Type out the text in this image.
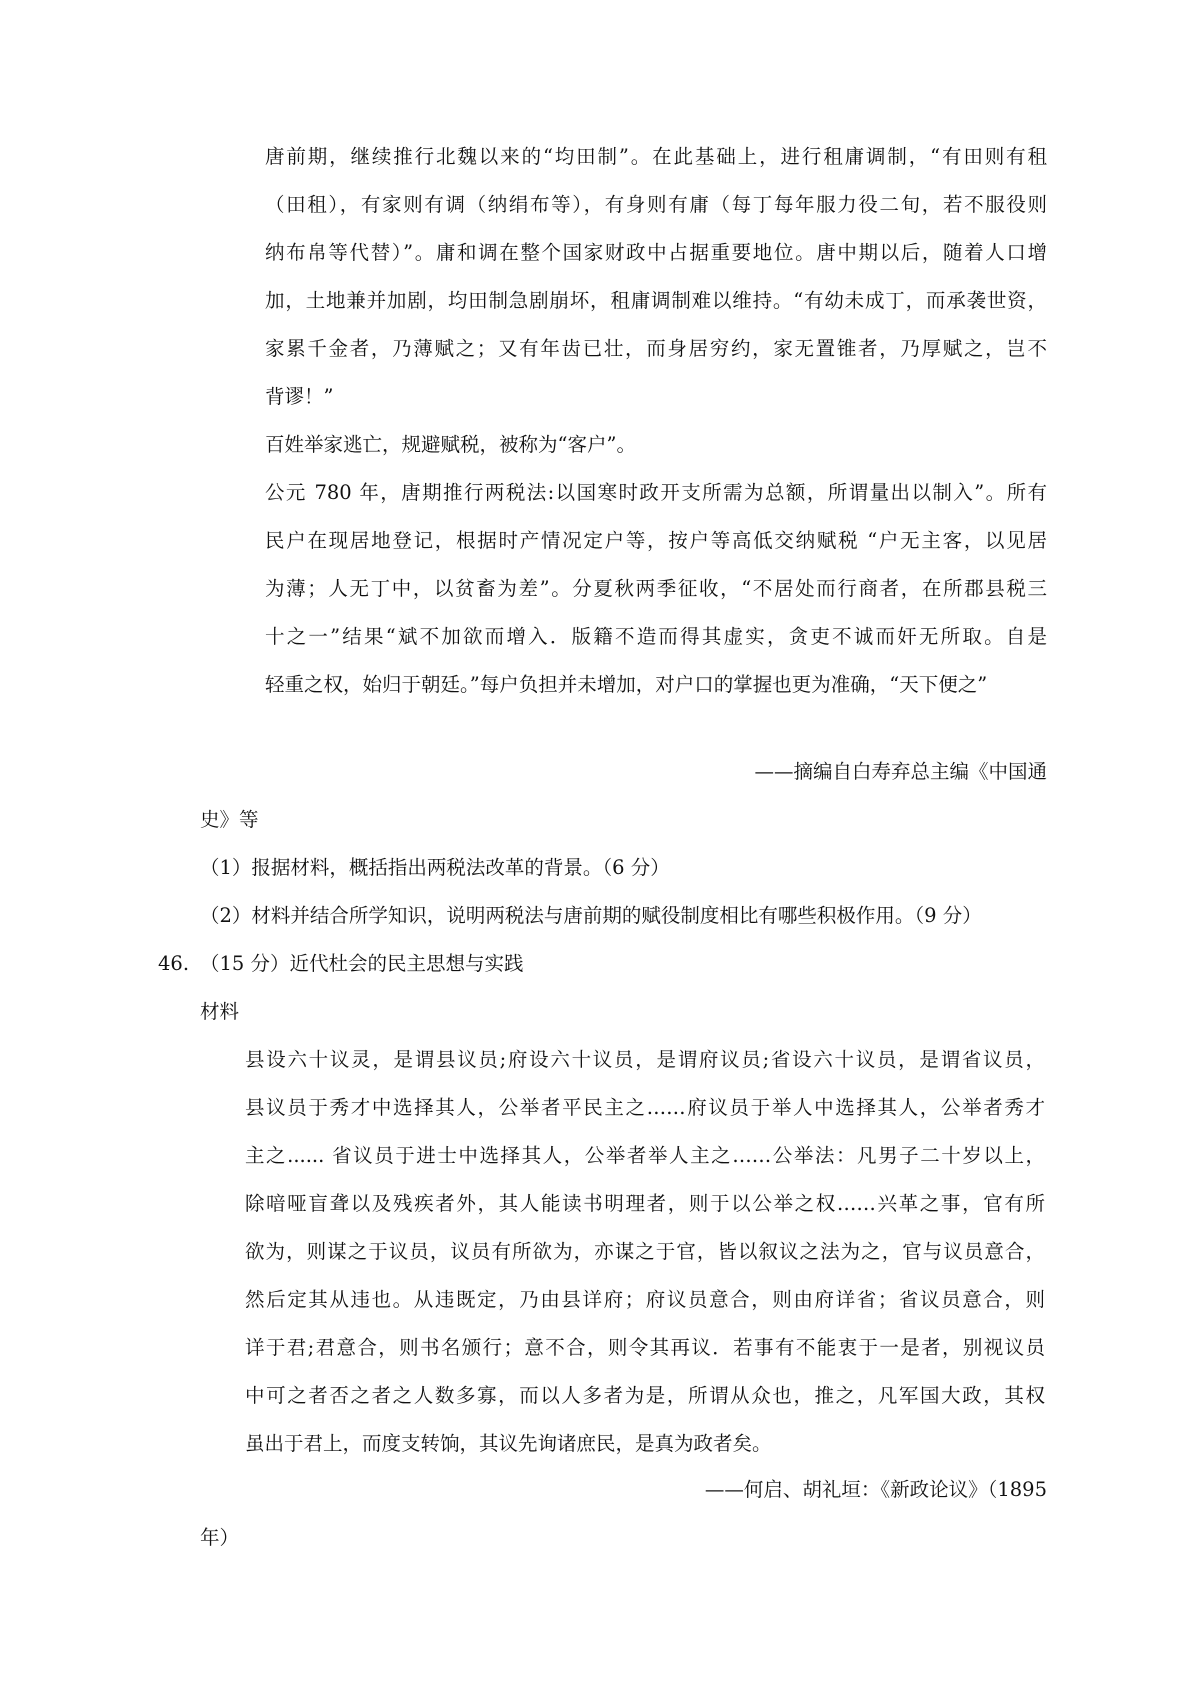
唐前期，继续推行北魏以来的“均田制”。在此基础上，进行租庸调制，“有田则有租
（田租），有家则有调（纳绢布等），有身则有庸（每丁每年服力役二旬，若不服役则
纳布帛等代替）”。庸和调在整个国家财政中占据重要地位。唐中期以后，随着人口增
加，土地兼并加剧，均田制急剧崩坏，租庸调制难以维持。“有幼未成丁，而承袭世资，
家累千金者，乃薄赋之；又有年齿已壮，而身居穷约，家无置锥者，乃厚赋之，岂不
背谬！”
百姓举家逃亡，规避赋税，被称为“客户”。
公元 780 年，唐期推行两税法:以国寒时政开支所需为总额，所谓量出以制入”。所有
民户在现居地登记，根据时产情况定户等，按户等高低交纳赋税 “户无主客，以见居
为薄；人无丁中，以贫畜为差”。分夏秋两季征收，“不居处而行商者，在所郡县税三
十之一”结果“斌不加欲而增入．版籍不造而得其虚实，贪吏不诚而奸无所取。自是
轻重之权，始归于朝廷。”每户负担并未增加，对户口的掌握也更为准确，“天下便之”
——摘编自白寿弃总主编《中国通
史》等
（1）报据材料，概括指出两税法改革的背景。（6 分）
（2）材料并结合所学知识，说明两税法与唐前期的赋役制度相比有哪些积极作用。（9 分）
46. （15 分）近代杜会的民主思想与实践
材料
县设六十议灵，是谓县议员;府设六十议员，是谓府议员;省设六十议员，是谓省议员，
县议员于秀才中选择其人，公举者平民主之……府议员于举人中选择其人，公举者秀才
主之...... 省议员于进士中选择其人，公举者举人主之……公举法：凡男子二十岁以上，
除喑哑盲聋以及残疾者外，其人能读书明理者，则于以公举之权……兴革之事，官有所
欲为，则谋之于议员，议员有所欲为，亦谋之于官，皆以叙议之法为之，官与议员意合，
然后定其从违也。从违既定，乃由县详府；府议员意合，则由府详省；省议员意合，则
详于君;君意合，则书名颁行；意不合，则令其再议．若事有不能衷于一是者，别视议员
中可之者否之者之人数多寡，而以人多者为是，所谓从众也，推之，凡军国大政，其权
虽出于君上，而度支转饷，其议先询诸庶民，是真为政者矣。
——何启、胡礼垣：《新政论议》（1895
年）
